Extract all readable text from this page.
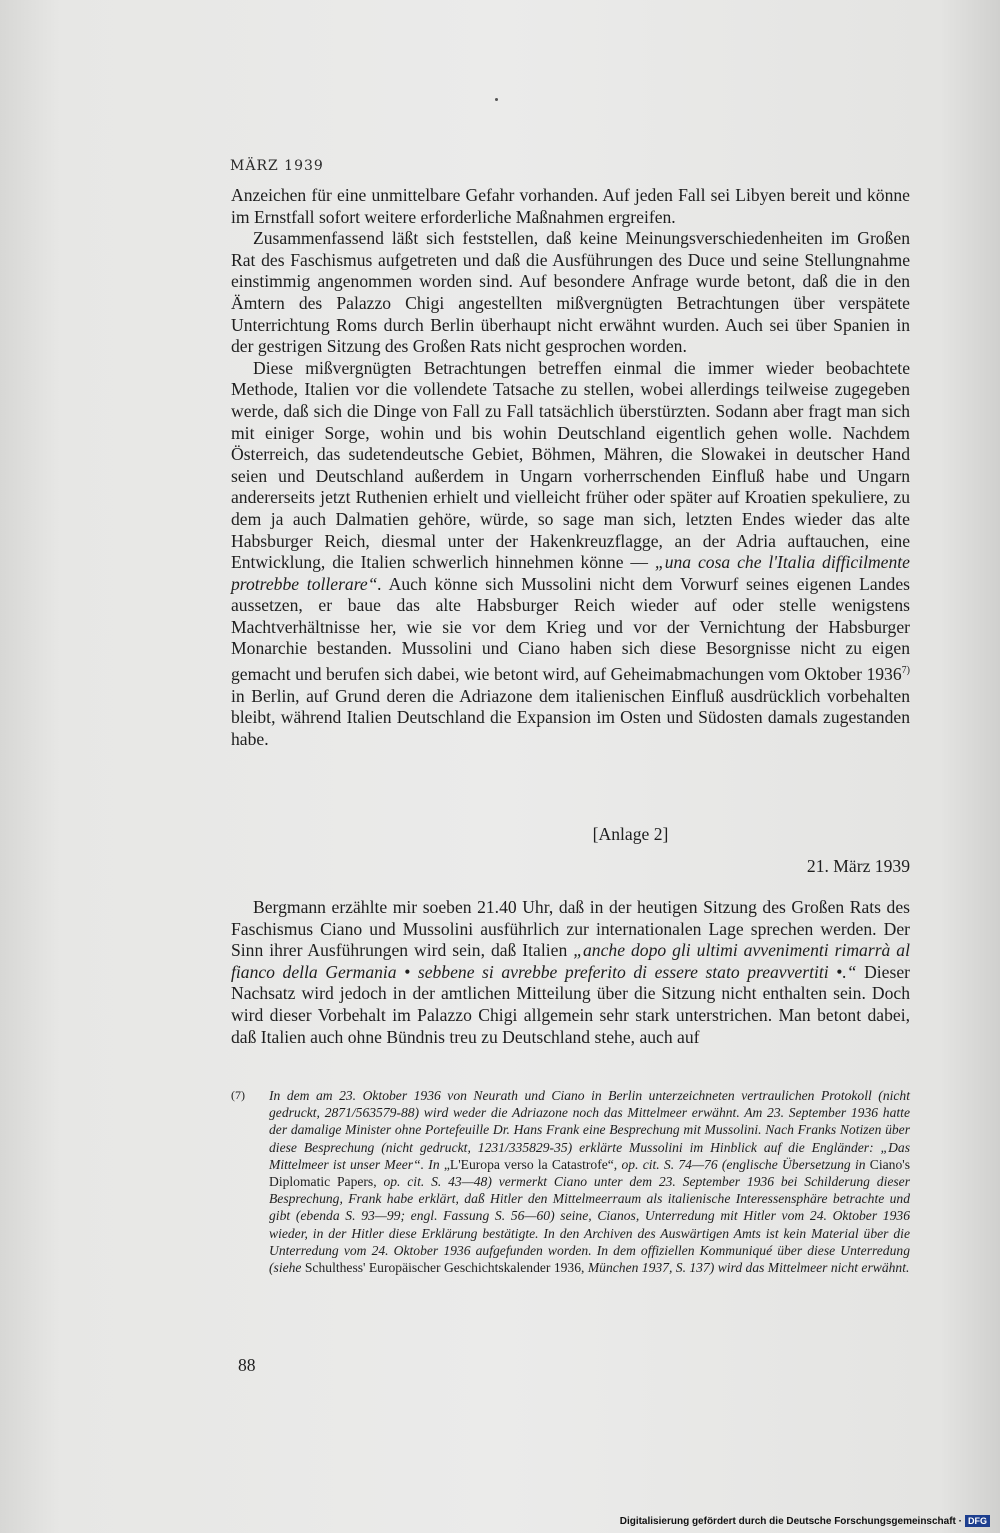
MÄRZ 1939

Anzeichen für eine unmittelbare Gefahr vorhanden. Auf jeden Fall sei Libyen bereit und könne im Ernstfall sofort weitere erforderliche Maßnahmen ergreifen.

Zusammenfassend läßt sich feststellen, daß keine Meinungsverschiedenheiten im Großen Rat des Faschismus aufgetreten und daß die Ausführungen des Duce und seine Stellungnahme einstimmig angenommen worden sind. Auf besondere Anfrage wurde betont, daß die in den Ämtern des Palazzo Chigi angestellten mißvergnügten Betrachtungen über verspätete Unterrichtung Roms durch Berlin überhaupt nicht erwähnt wurden. Auch sei über Spanien in der gestrigen Sitzung des Großen Rats nicht gesprochen worden.

Diese mißvergnügten Betrachtungen betreffen einmal die immer wieder beobachtete Methode, Italien vor die vollendete Tatsache zu stellen, wobei allerdings teilweise zugegeben werde, daß sich die Dinge von Fall zu Fall tatsächlich überstürzten. Sodann aber fragt man sich mit einiger Sorge, wohin und bis wohin Deutschland eigentlich gehen wolle. Nachdem Österreich, das sudetendeutsche Gebiet, Böhmen, Mähren, die Slowakei in deutscher Hand seien und Deutschland außerdem in Ungarn vorherrschenden Einfluß habe und Ungarn andererseits jetzt Ruthenien erhielt und vielleicht früher oder später auf Kroatien spekuliere, zu dem ja auch Dalmatien gehöre, würde, so sage man sich, letzten Endes wieder das alte Habsburger Reich, diesmal unter der Hakenkreuzflagge, an der Adria auftauchen, eine Entwicklung, die Italien schwerlich hinnehmen könne — „una cosa che l'Italia difficilmente protrebbe tollerare“. Auch könne sich Mussolini nicht dem Vorwurf seines eigenen Landes aussetzen, er baue das alte Habsburger Reich wieder auf oder stelle wenigstens Machtverhältnisse her, wie sie vor dem Krieg und vor der Vernichtung der Habsburger Monarchie bestanden. Mussolini und Ciano haben sich diese Besorgnisse nicht zu eigen gemacht und berufen sich dabei, wie betont wird, auf Geheimabmachungen vom Oktober 1936$^{7)}$ in Berlin, auf Grund deren die Adriazone dem italienischen Einfluß ausdrücklich vorbehalten bleibt, während Italien Deutschland die Expansion im Osten und Südosten damals zugestanden habe.

[Anlage 2]
21. März 1939
Bergmann erzählte mir soeben 21.40 Uhr, daß in der heutigen Sitzung des Großen Rats des Faschismus Ciano und Mussolini ausführlich zur internationalen Lage sprechen werden. Der Sinn ihrer Ausführungen wird sein, daß Italien „anche dopo gli ultimi avvenimenti rimarrà al fianco della Germania • sebbene si avrebbe preferito di essere stato preavvertiti •.“ Dieser Nachsatz wird jedoch in der amtlichen Mitteilung über die Sitzung nicht enthalten sein. Doch wird dieser Vorbehalt im Palazzo Chigi allgemein sehr stark unterstrichen. Man betont dabei, daß Italien auch ohne Bündnis treu zu Deutschland stehe, auch auf
(7)	In dem am 23. Oktober 1936 von Neurath und Ciano in Berlin unterzeichneten vertraulichen Protokoll (nicht gedruckt, 2871/563579-88) wird weder die Adriazone noch das Mittelmeer erwähnt. Am 23. September 1936 hatte der damalige Minister ohne Portefeuille Dr. Hans Frank eine Besprechung mit Mussolini. Nach Franks Notizen über diese Besprechung (nicht gedruckt, 1231/335829-35) erklärte Mussolini im Hinblick auf die Engländer: „Das Mittelmeer ist unser Meer“. In „L'Europa verso la Catastrofe“, op. cit. S. 74—76 (englische Übersetzung in Ciano's Diplomatic Papers, op. cit. S. 43—48) vermerkt Ciano unter dem 23. September 1936 bei Schilderung dieser Besprechung, Frank habe erklärt, daß Hitler den Mittelmeerraum als italienische Interessensphäre betrachte und gibt (ebenda S. 93—99; engl. Fassung S. 56—60) seine, Cianos, Unterredung mit Hitler vom 24. Oktober 1936 wieder, in der Hitler diese Erklärung bestätigte. In den Archiven des Auswärtigen Amts ist kein Material über die Unterredung vom 24. Oktober 1936 aufgefunden worden. In dem offiziellen Kommuniqué über diese Unterredung (siehe Schulthess' Europäischer Geschichtskalender 1936, München 1937, S. 137) wird das Mittelmeer nicht erwähnt.
88
Digitalisierung gefördert durch die Deutsche Forschungsgemeinschaft · DFG
